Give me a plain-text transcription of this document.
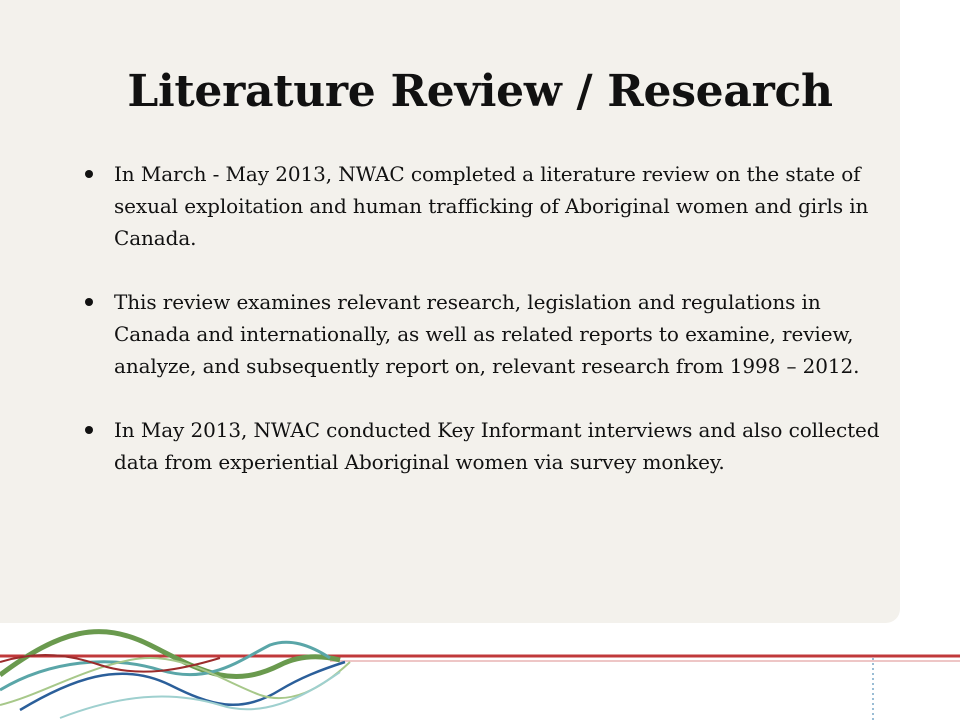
Literature Review / Research
In March - May 2013, NWAC completed a literature review on the state of sexual exploitation and human trafficking of Aboriginal women and girls in Canada.
This review examines relevant research, legislation and regulations in Canada and internationally, as well as related reports to examine, review, analyze, and subsequently report on, relevant research from 1998 – 2012.
In May 2013, NWAC conducted Key Informant interviews and also collected data from experiential Aboriginal women via survey monkey.
